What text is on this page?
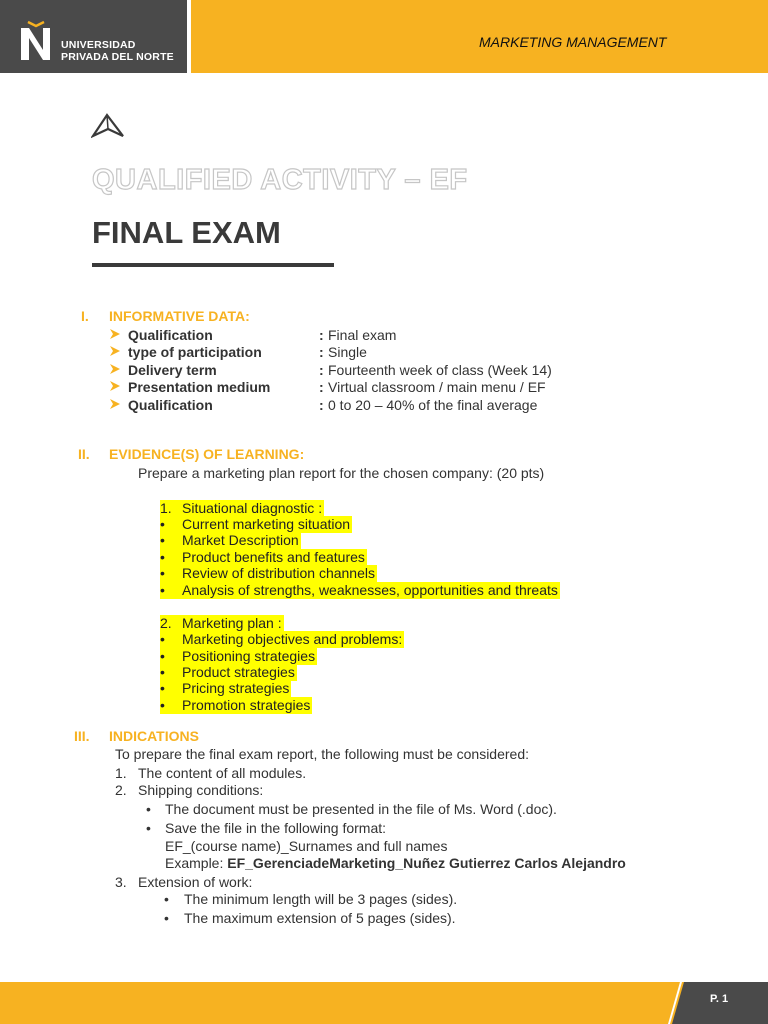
UNIVERSIDAD
PRIVADA DEL NORTE
MARKETING MANAGEMENT
QUALIFIED ACTIVITY – EF
FINAL EXAM
I. INFORMATIVE DATA:
Qualification	: Final exam
type of participation	: Single
Delivery term	: Fourteenth week of class (Week 14)
Presentation medium	: Virtual classroom / main menu / EF
Qualification	: 0 to 20 – 40% of the final average
II. EVIDENCE(S) OF LEARNING:
Prepare a marketing plan report for the chosen company: (20 pts)
1. Situational diagnostic :
•	Current marketing situation
•	Market Description
•	Product benefits and features
•	Review of distribution channels
•	Analysis of strengths, weaknesses, opportunities and threats
2. Marketing plan :
•	Marketing objectives and problems:
•	Positioning strategies
•	Product strategies
•	Pricing strategies
•	Promotion strategies
III. INDICATIONS
To prepare the final exam report, the following must be considered:
1. The content of all modules.
2. Shipping conditions:
• The document must be presented in the file of Ms. Word (.doc).
• Save the file in the following format:
EF_(course name)_Surnames and full names
Example: EF_GerenciadeMarketing_Nuñez Gutierrez Carlos Alejandro
3. Extension of work:
• The minimum length will be 3 pages (sides).
• The maximum extension of 5 pages (sides).
P. 1
